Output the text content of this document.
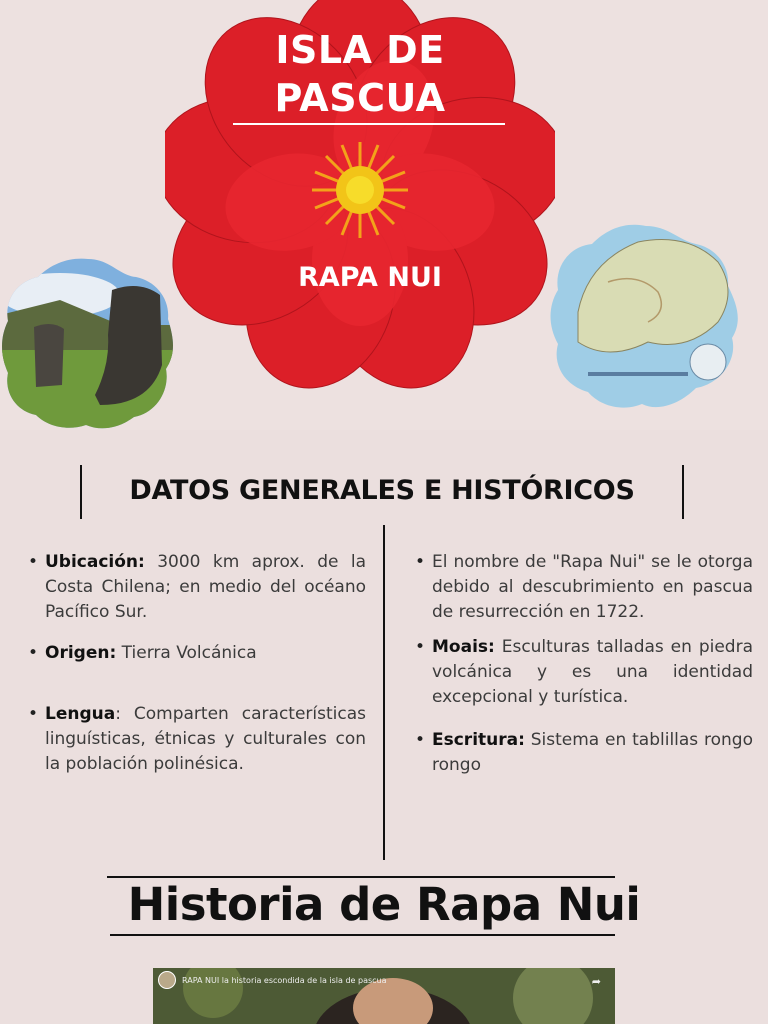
ISLA DE
PASCUA
RAPA NUI
DATOS GENERALES E HISTÓRICOS
• Ubicación: 3000 km aprox. de la Costa Chilena; en medio del océano Pacífico Sur.
• Origen: Tierra Volcánica
• Lengua: Comparten características linguísticas, étnicas y culturales con la población polinésica.
• El nombre de "Rapa Nui" se le otorga debido al descubrimiento en pascua de resurrección en 1722.
• Moais: Esculturas talladas en piedra volcánica y es una identidad excepcional y turística.
• Escritura: Sistema en tablillas rongo rongo
Historia de Rapa Nui
RAPA NUI la historia escondida de la isla de pascua	➦
